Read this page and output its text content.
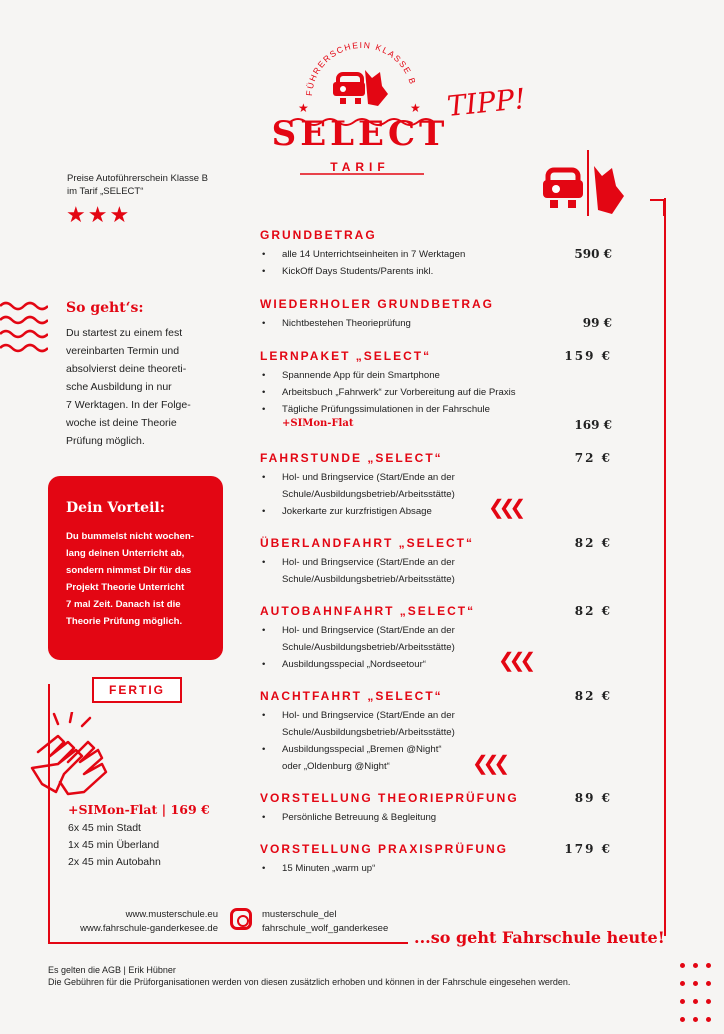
FÜHRERSCHEIN KLASSE B
★	★
SELECT
TARIF
TIPP!
Preise Autoführerschein Klasse B
im Tarif „SELECT“
★★★
So geht‘s:
Du startest zu einem fest
vereinbarten Termin und
absolvierst deine theoreti-
sche Ausbildung in nur
7 Werktagen. In der Folge-
woche ist deine Theorie
Prüfung möglich.
Dein Vorteil:
Du bummelst nicht wochen-
lang deinen Unterricht ab,
sondern nimmst Dir für das
Projekt Theorie Unterricht
7 mal Zeit. Danach ist die
Theorie Prüfung möglich.
FERTIG
+SIMon-Flat | 169 €
6x 45 min Stadt
1x 45 min Überland
2x 45 min Autobahn
GRUNDBETRAG
• alle 14 Unterrichtseinheiten in 7 Werktagen	590 €
• KickOff Days Students/Parents inkl.
WIEDERHOLER GRUNDBETRAG
• Nichtbestehen Theorieprüfung	99 €
LERNPAKET „SELECT“	159 €
• Spannende App für dein Smartphone
• Arbeitsbuch „Fahrwerk“ zur Vorbereitung auf die Praxis
• Tägliche Prüfungssimulationen in der Fahrschule
+SIMon-Flat	169 €
FAHRSTUNDE „SELECT“	72 €
• Hol- und Bringservice (Start/Ende an der
Schule/Ausbildungsbetrieb/Arbeitsstätte)
• Jokerkarte zur kurzfristigen Absage	❮❮❮
ÜBERLANDFAHRT „SELECT“	82 €
• Hol- und Bringservice (Start/Ende an der
Schule/Ausbildungsbetrieb/Arbeitsstätte)
AUTOBAHNFAHRT „SELECT“	82 €
• Hol- und Bringservice (Start/Ende an der
Schule/Ausbildungsbetrieb/Arbeitsstätte)
• Ausbildungsspecial „Nordseetour“	❮❮❮
NACHTFAHRT „SELECT“	82 €
• Hol- und Bringservice (Start/Ende an der
Schule/Ausbildungsbetrieb/Arbeitsstätte)
• Ausbildungsspecial „Bremen @Night“
oder „Oldenburg @Night“	❮❮❮
VORSTELLUNG THEORIEPRÜFUNG	89 €
• Persönliche Betreuung & Begleitung
VORSTELLUNG PRAXISPRÜFUNG	179 €
• 15 Minuten „warm up“
www.musterschule.eu
www.fahrschule-ganderkesee.de
musterschule_del
fahrschule_wolf_ganderkesee ...so geht Fahrschule heute!
Es gelten die AGB | Erik Hübner
Die Gebühren für die Prüforganisationen werden von diesen zusätzlich erhoben und können in der Fahrschule eingesehen werden.
